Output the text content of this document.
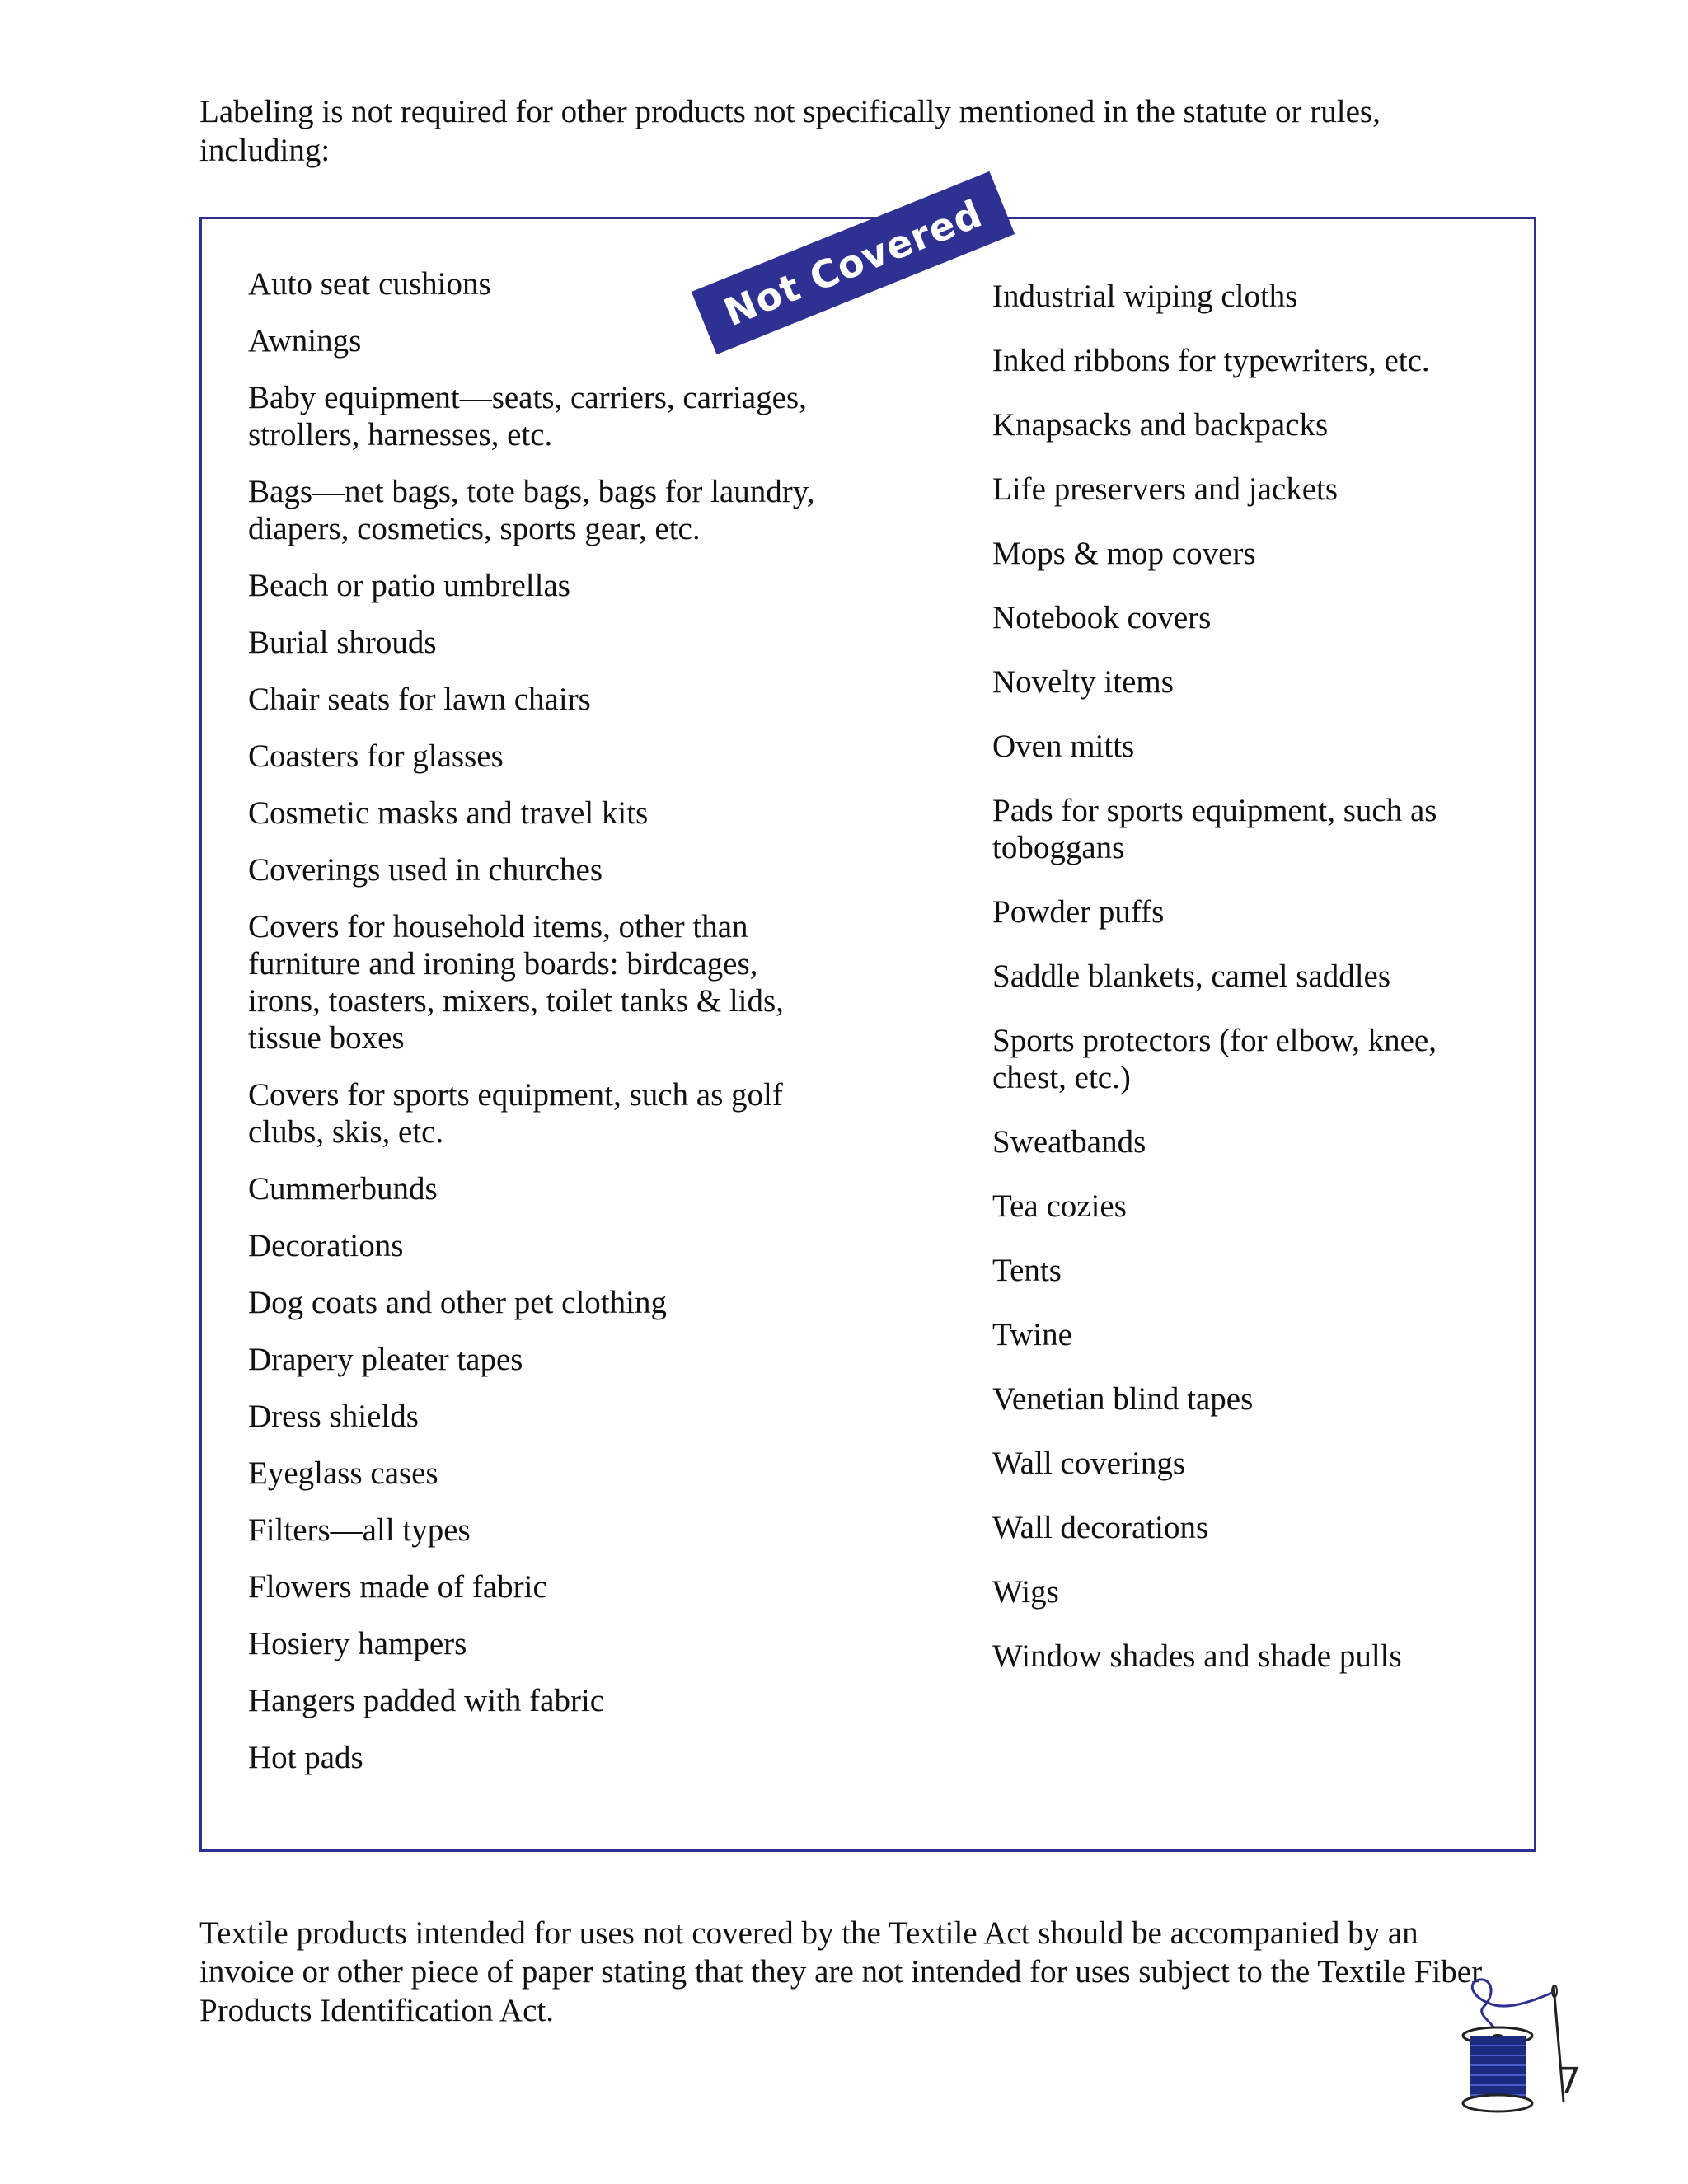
Labeling is not required for other products not specifically mentioned in the statute or rules, including:

Auto seat cushions
Awnings
Baby equipment—seats, carriers, carriages, strollers, harnesses, etc.
Bags—net bags, tote bags, bags for laundry, diapers, cosmetics, sports gear, etc.
Beach or patio umbrellas
Burial shrouds
Chair seats for lawn chairs
Coasters for glasses
Cosmetic masks and travel kits
Coverings used in churches
Covers for household items, other than furniture and ironing boards: birdcages, irons, toasters, mixers, toilet tanks & lids, tissue boxes
Covers for sports equipment, such as golf clubs, skis, etc.
Cummerbunds
Decorations
Dog coats and other pet clothing
Drapery pleater tapes
Dress shields
Eyeglass cases
Filters—all types
Flowers made of fabric
Hosiery hampers
Hangers padded with fabric
Hot pads
Industrial wiping cloths
Inked ribbons for typewriters, etc.
Knapsacks and backpacks
Life preservers and jackets
Mops & mop covers
Notebook covers
Novelty items
Oven mitts
Pads for sports equipment, such as toboggans
Powder puffs
Saddle blankets, camel saddles
Sports protectors (for elbow, knee, chest, etc.)
Sweatbands
Tea cozies
Tents
Twine
Venetian blind tapes
Wall coverings
Wall decorations
Wigs
Window shades and shade pulls
Not Covered

Textile products intended for uses not covered by the Textile Act should be accompanied by an invoice or other piece of paper stating that they are not intended for uses subject to the Textile Fiber Products Identification Act.

7
